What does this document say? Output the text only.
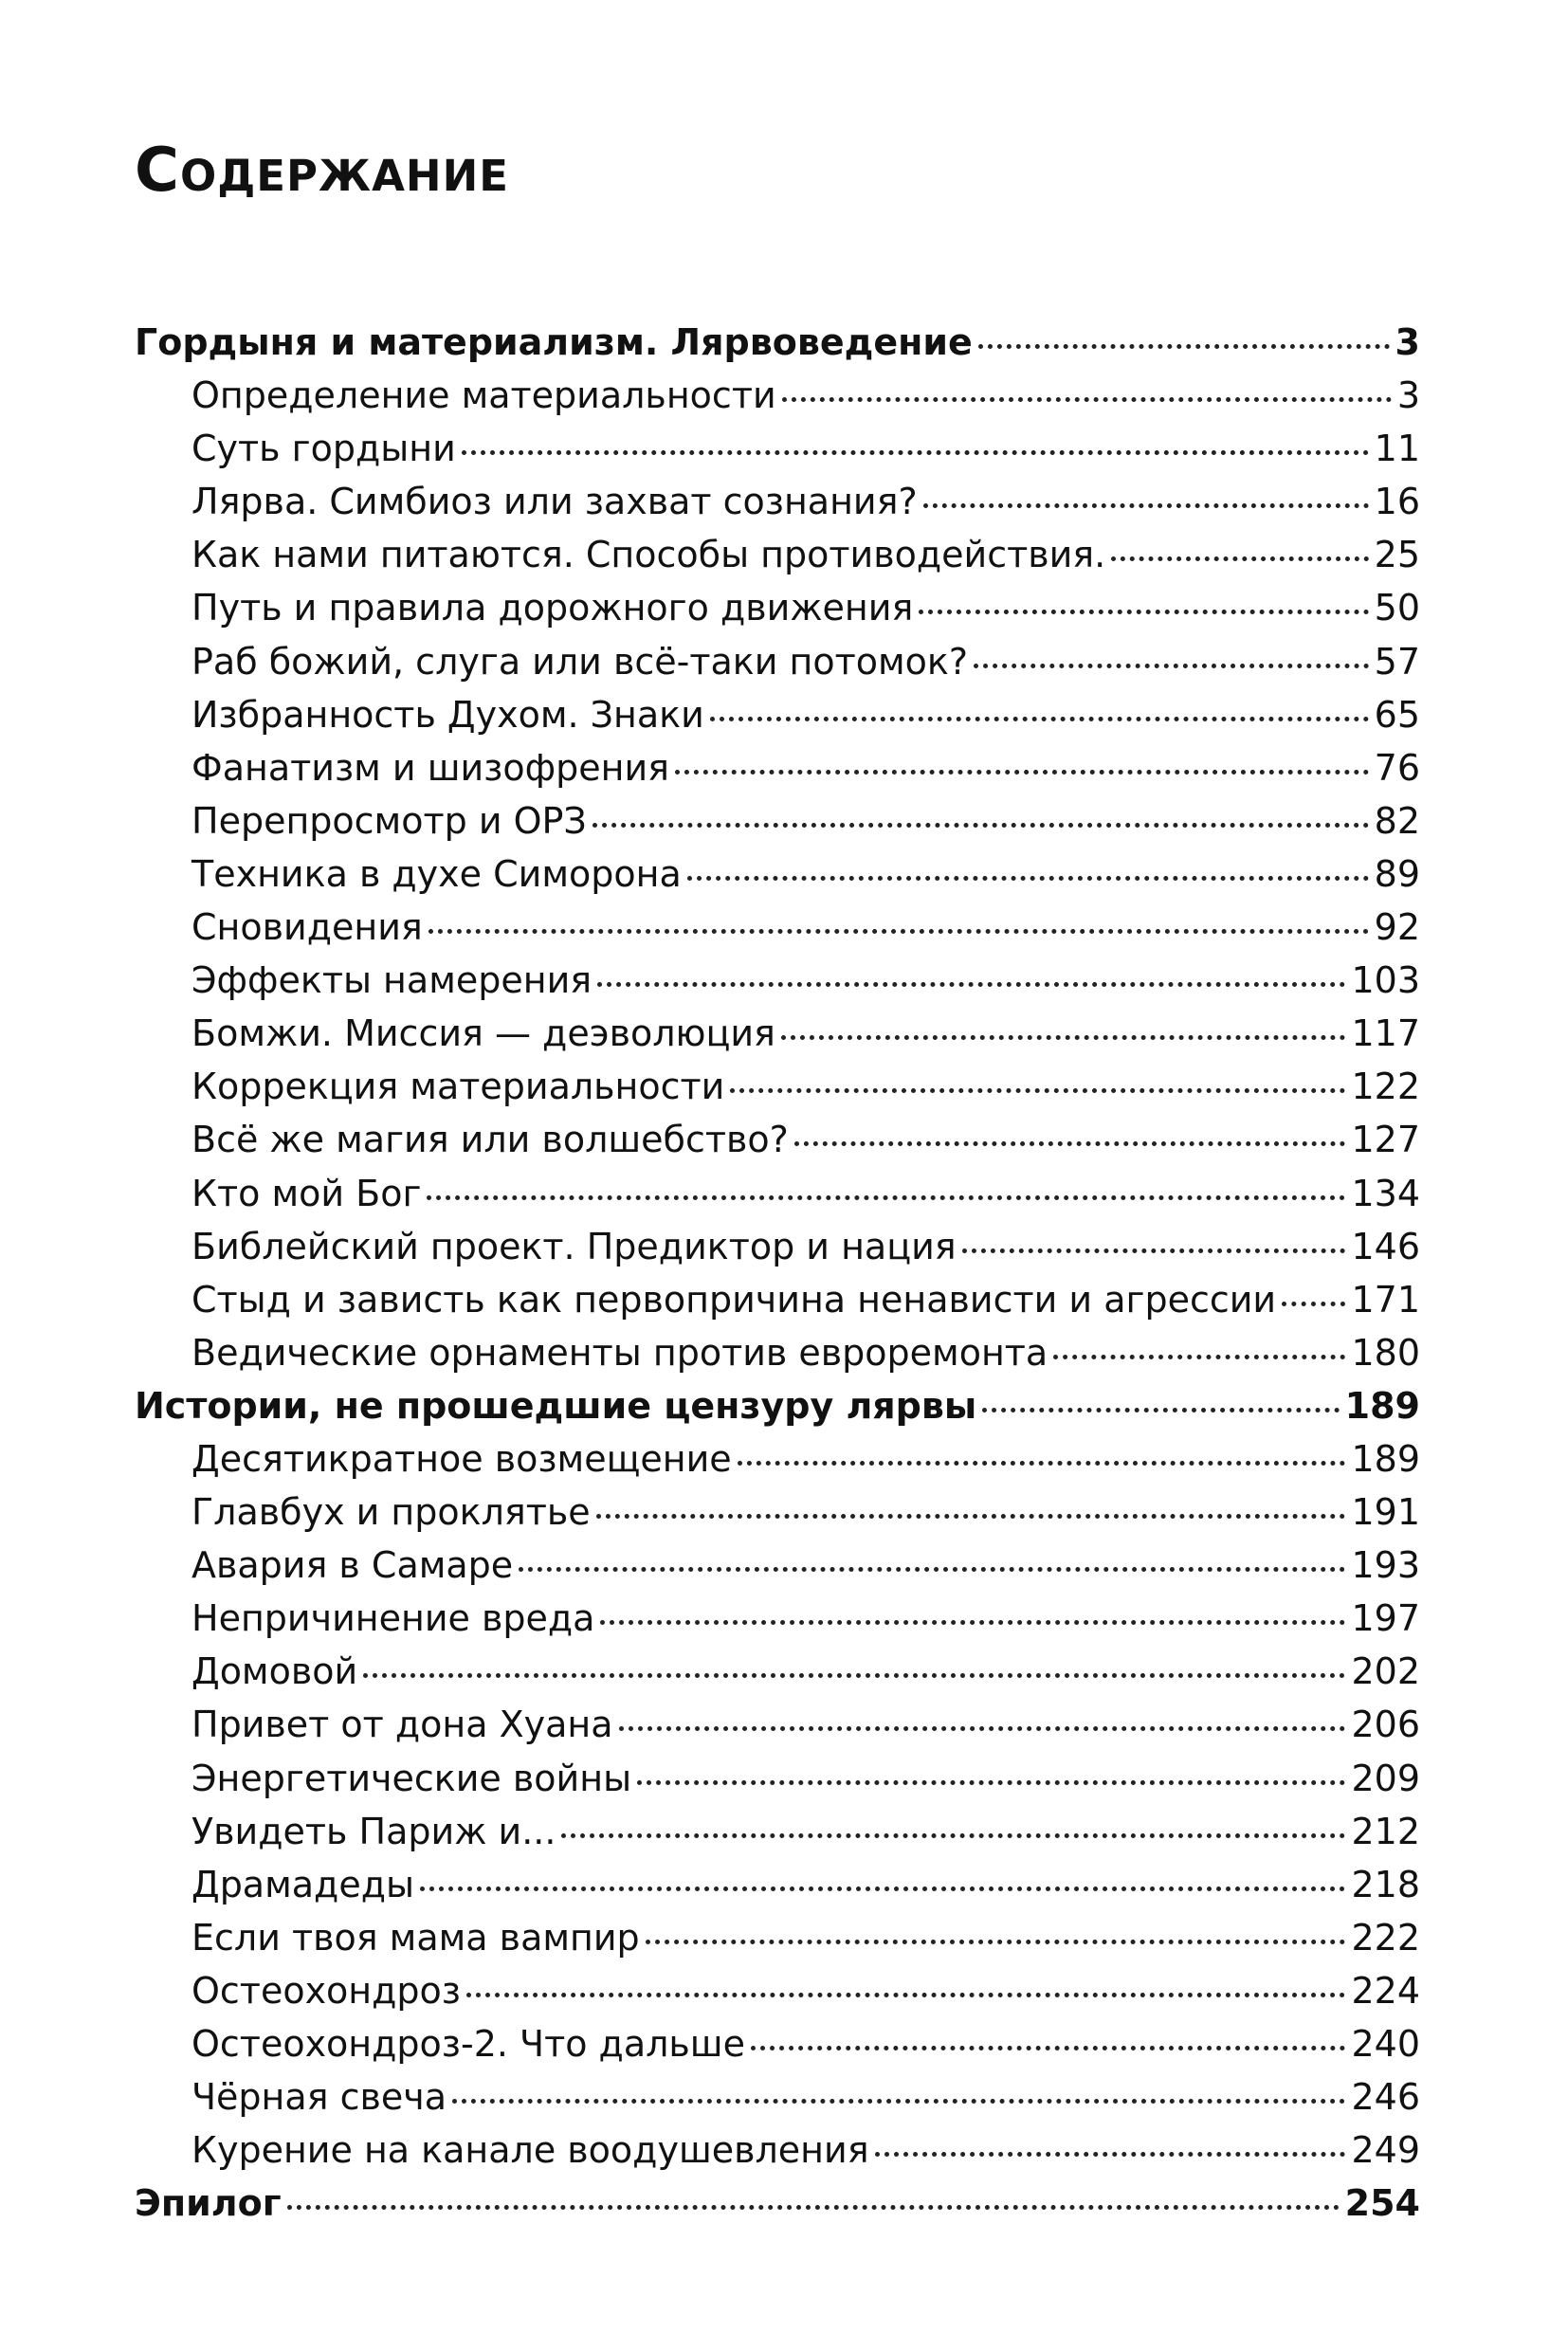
Содержание
Гордыня и материализм. Лярвоведение	3
Определение материальности	3
Суть гордыни	11
Лярва. Симбиоз или захват сознания?	16
Как нами питаются. Способы противодействия.	25
Путь и правила дорожного движения	50
Раб божий, слуга или всё-таки потомок?	57
Избранность Духом. Знаки	65
Фанатизм и шизофрения	76
Перепросмотр и ОРЗ	82
Техника в духе Симорона	89
Сновидения	92
Эффекты намерения	103
Бомжи. Миссия — деэволюция	117
Коррекция материальности	122
Всё же магия или волшебство?	127
Кто мой Бог	134
Библейский проект. Предиктор и нация	146
Стыд и зависть как первопричина ненависти и агрессии 171
Ведические орнаменты против евроремонта	180
Истории, не прошедшие цензуру лярвы	189
Десятикратное возмещение	189
Главбух и проклятье	191
Авария в Самаре	193
Непричинение вреда	197
Домовой	202
Привет от дона Хуана	206
Энергетические войны	209
Увидеть Париж и...	212
Драмадеды	218
Если твоя мама вампир	222
Остеохондроз	224
Остеохондроз-2. Что дальше	240
Чёрная свеча	246
Курение на канале воодушевления	249
Эпилог	254
